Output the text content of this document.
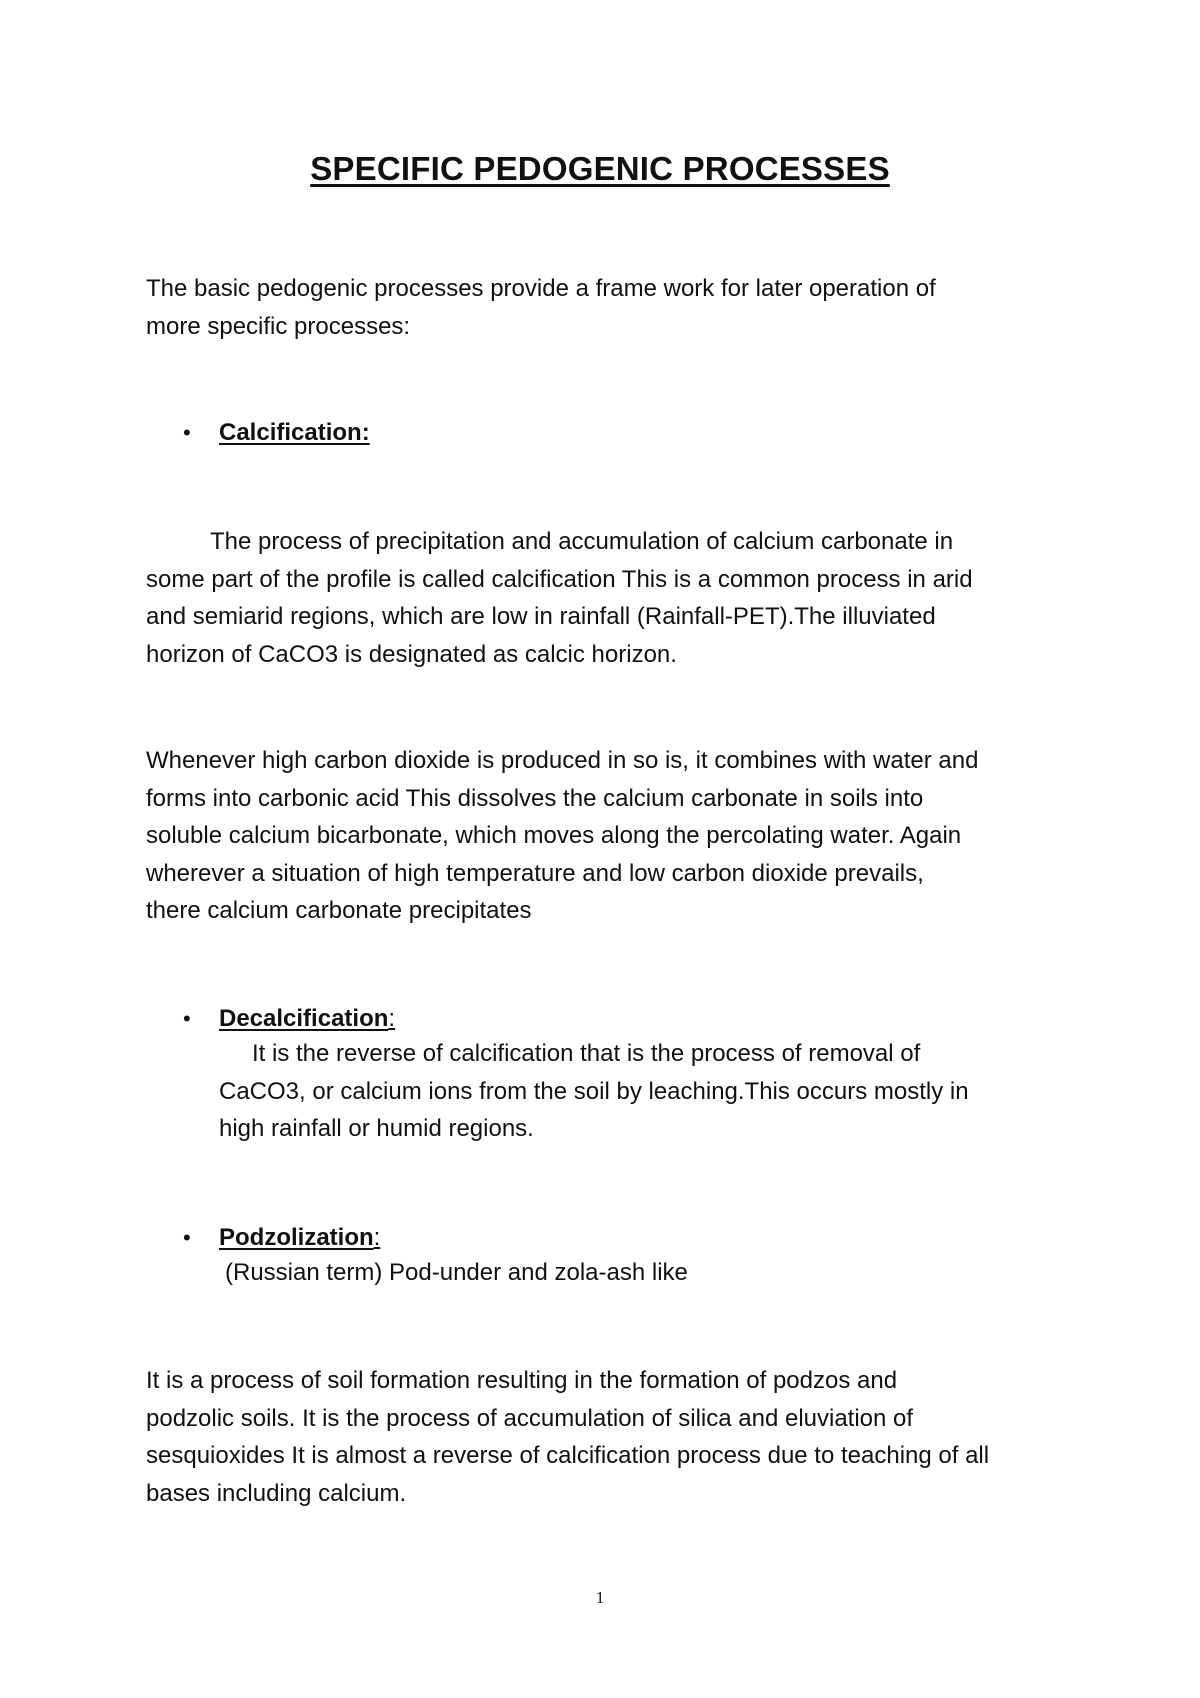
SPECIFIC PEDOGENIC PROCESSES
The basic pedogenic processes provide a frame work for later operation of
more specific processes:
• Calcification:
The process of precipitation and accumulation of calcium carbonate in
some part of the profile is called calcification This is a common process in arid
and semiarid regions, which are low in rainfall (Rainfall-PET).The illuviated
horizon of CaCO3 is designated as calcic horizon.
Whenever high carbon dioxide is produced in so is, it combines with water and
forms into carbonic acid This dissolves the calcium carbonate in soils into
soluble calcium bicarbonate, which moves along the percolating water. Again
wherever a situation of high temperature and low carbon dioxide prevails,
there calcium carbonate precipitates
• Decalcification:
It is the reverse of calcification that is the process of removal of
CaCO3, or calcium ions from the soil by leaching.This occurs mostly in
high rainfall or humid regions.
• Podzolization:
(Russian term) Pod-under and zola-ash like
It is a process of soil formation resulting in the formation of podzos and
podzolic soils. It is the process of accumulation of silica and eluviation of
sesquioxides It is almost a reverse of calcification process due to teaching of all
bases including calcium.
1
